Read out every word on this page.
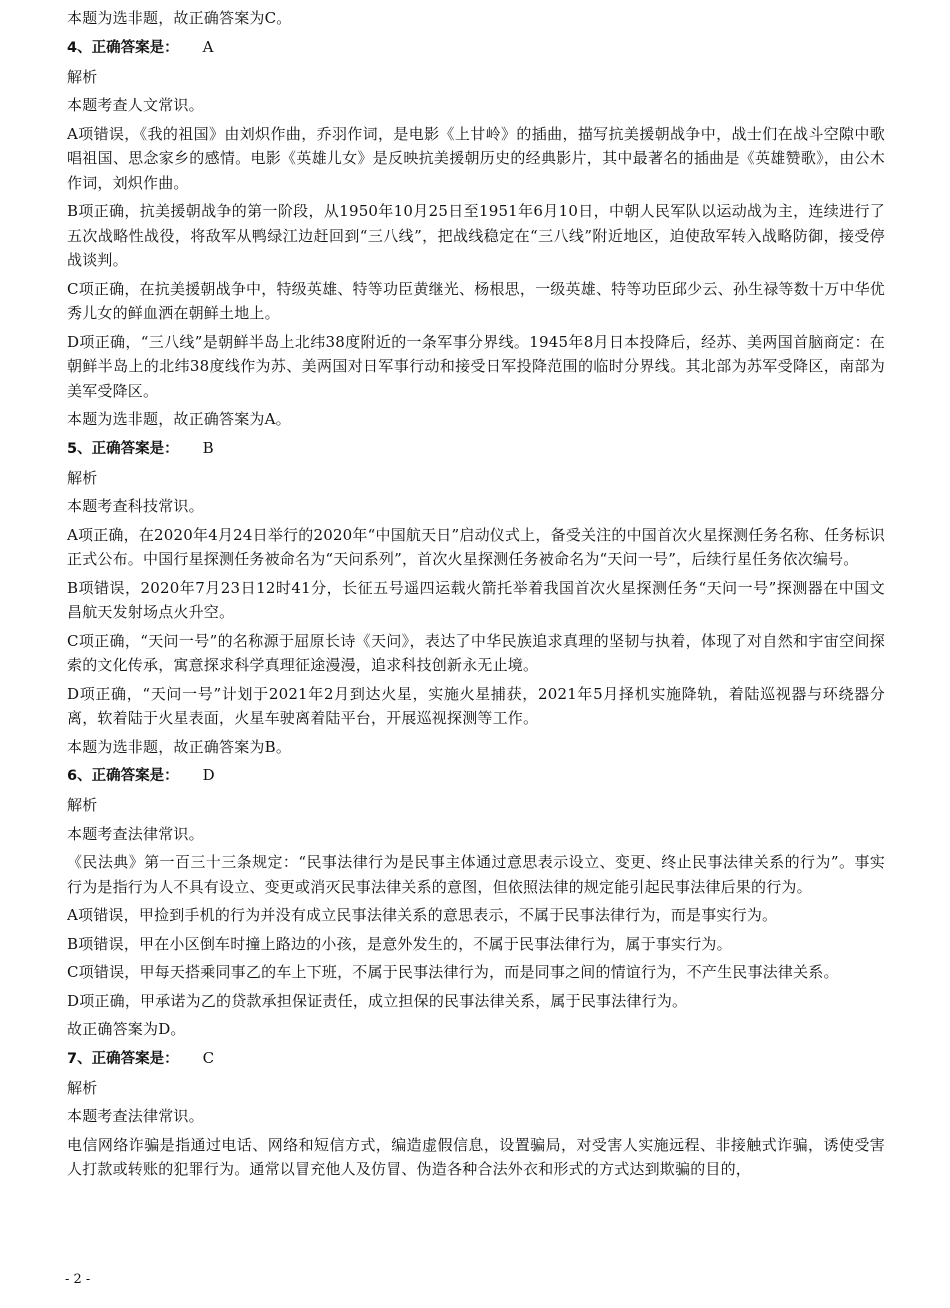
本题为选非题，故正确答案为C。

4、正确答案是： A

解析

本题考查人文常识。

A项错误，《我的祖国》由刘炽作曲，乔羽作词，是电影《上甘岭》的插曲，描写抗美援朝战争中，战士们在战斗空隙中歌唱祖国、思念家乡的感情。电影《英雄儿女》是反映抗美援朝历史的经典影片，其中最著名的插曲是《英雄赞歌》，由公木作词，刘炽作曲。

B项正确，抗美援朝战争的第一阶段，从1950年10月25日至1951年6月10日，中朝人民军队以运动战为主，连续进行了五次战略性战役，将敌军从鸭绿江边赶回到“三八线”，把战线稳定在“三八线”附近地区，迫使敌军转入战略防御，接受停战谈判。

C项正确，在抗美援朝战争中，特级英雄、特等功臣黄继光、杨根思，一级英雄、特等功臣邱少云、孙生禄等数十万中华优秀儿女的鲜血洒在朝鲜土地上。

D项正确，“三八线”是朝鲜半岛上北纬38度附近的一条军事分界线。1945年8月日本投降后，经苏、美两国首脑商定：在朝鲜半岛上的北纬38度线作为苏、美两国对日军事行动和接受日军投降范围的临时分界线。其北部为苏军受降区，南部为美军受降区。

本题为选非题，故正确答案为A。

5、正确答案是： B

解析

本题考查科技常识。

A项正确，在2020年4月24日举行的2020年“中国航天日”启动仪式上，备受关注的中国首次火星探测任务名称、任务标识正式公布。中国行星探测任务被命名为“天问系列”，首次火星探测任务被命名为“天问一号”，后续行星任务依次编号。

B项错误，2020年7月23日12时41分，长征五号遥四运载火箭托举着我国首次火星探测任务“天问一号”探测器在中国文昌航天发射场点火升空。

C项正确，“天问一号”的名称源于屈原长诗《天问》，表达了中华民族追求真理的坚韧与执着，体现了对自然和宇宙空间探索的文化传承，寓意探求科学真理征途漫漫，追求科技创新永无止境。

D项正确，“天问一号”计划于2021年2月到达火星，实施火星捕获，2021年5月择机实施降轨，着陆巡视器与环绕器分离，软着陆于火星表面，火星车驶离着陆平台，开展巡视探测等工作。

本题为选非题，故正确答案为B。

6、正确答案是： D

解析

本题考查法律常识。

《民法典》第一百三十三条规定：“民事法律行为是民事主体通过意思表示设立、变更、终止民事法律关系的行为”。事实行为是指行为人不具有设立、变更或消灭民事法律关系的意图，但依照法律的规定能引起民事法律后果的行为。

A项错误，甲捡到手机的行为并没有成立民事法律关系的意思表示，不属于民事法律行为，而是事实行为。

B项错误，甲在小区倒车时撞上路边的小孩，是意外发生的，不属于民事法律行为，属于事实行为。

C项错误，甲每天搭乘同事乙的车上下班，不属于民事法律行为，而是同事之间的情谊行为，不产生民事法律关系。

D项正确，甲承诺为乙的贷款承担保证责任，成立担保的民事法律关系，属于民事法律行为。

故正确答案为D。

7、正确答案是： C

解析

本题考查法律常识。

电信网络诈骗是指通过电话、网络和短信方式，编造虚假信息，设置骗局，对受害人实施远程、非接触式诈骗，诱使受害人打款或转账的犯罪行为。通常以冒充他人及仿冒、伪造各种合法外衣和形式的方式达到欺骗的目的，

- 2 -
